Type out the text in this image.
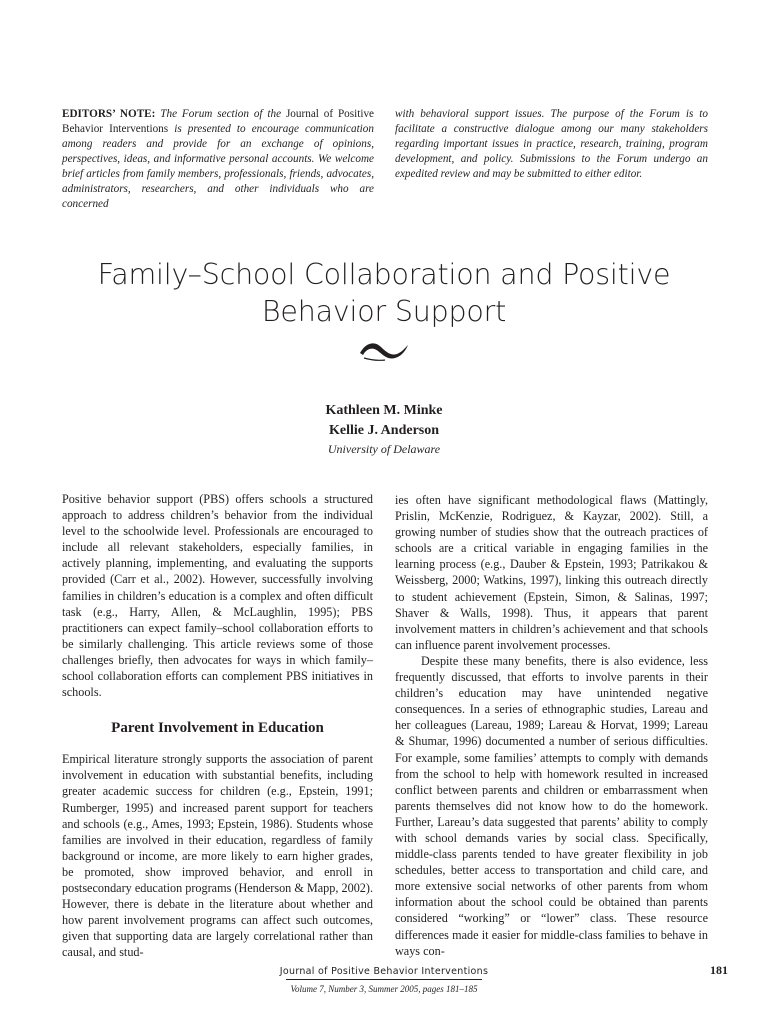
EDITORS’ NOTE: The Forum section of the Journal of Positive Behavior Interventions is presented to encourage communication among readers and provide for an exchange of opinions, perspectives, ideas, and informative personal accounts. We welcome brief articles from family members, professionals, friends, advocates, administrators, researchers, and other individuals who are concerned
with behavioral support issues. The purpose of the Forum is to facilitate a constructive dialogue among our many stakeholders regarding important issues in practice, research, training, program development, and policy. Submissions to the Forum undergo an expedited review and may be submitted to either editor.
Family–School Collaboration and Positive
Behavior Support
Kathleen M. Minke
Kellie J. Anderson
University of Delaware

Positive behavior support (PBS) offers schools a structured approach to address children’s behavior from the individual level to the schoolwide level. Professionals are encouraged to include all relevant stakeholders, especially families, in actively planning, implementing, and evaluating the supports provided (Carr et al., 2002). However, successfully involving families in children’s education is a complex and often difficult task (e.g., Harry, Allen, & McLaughlin, 1995); PBS practitioners can expect family–school collaboration efforts to be similarly challenging. This article reviews some of those challenges briefly, then advocates for ways in which family–school collaboration efforts can complement PBS initiatives in schools.

Parent Involvement in Education

Empirical literature strongly supports the association of parent involvement in education with substantial benefits, including greater academic success for children (e.g., Epstein, 1991; Rumberger, 1995) and increased parent support for teachers and schools (e.g., Ames, 1993; Epstein, 1986). Students whose families are involved in their education, regardless of family background or income, are more likely to earn higher grades, be promoted, show improved behavior, and enroll in postsecondary education programs (Henderson & Mapp, 2002). However, there is debate in the literature about whether and how parent involvement programs can affect such outcomes, given that supporting data are largely correlational rather than causal, and stud-

ies often have significant methodological flaws (Mattingly, Prislin, McKenzie, Rodriguez, & Kayzar, 2002). Still, a growing number of studies show that the outreach practices of schools are a critical variable in engaging families in the learning process (e.g., Dauber & Epstein, 1993; Patrikakou & Weissberg, 2000; Watkins, 1997), linking this outreach directly to student achievement (Epstein, Simon, & Salinas, 1997; Shaver & Walls, 1998). Thus, it appears that parent involvement matters in children’s achievement and that schools can influence parent involvement processes.

Despite these many benefits, there is also evidence, less frequently discussed, that efforts to involve parents in their children’s education may have unintended negative consequences. In a series of ethnographic studies, Lareau and her colleagues (Lareau, 1989; Lareau & Horvat, 1999; Lareau & Shumar, 1996) documented a number of serious difficulties. For example, some families’ attempts to comply with demands from the school to help with homework resulted in increased conflict between parents and children or embarrassment when parents themselves did not know how to do the homework. Further, Lareau’s data suggested that parents’ ability to comply with school demands varies by social class. Specifically, middle-class parents tended to have greater flexibility in job schedules, better access to transportation and child care, and more extensive social networks of other parents from whom information about the school could be obtained than parents considered “working” or “lower” class. These resource differences made it easier for middle-class families to behave in ways con-

Journal of Positive Behavior Interventions
Volume 7, Number 3, Summer 2005, pages 181–185
181
